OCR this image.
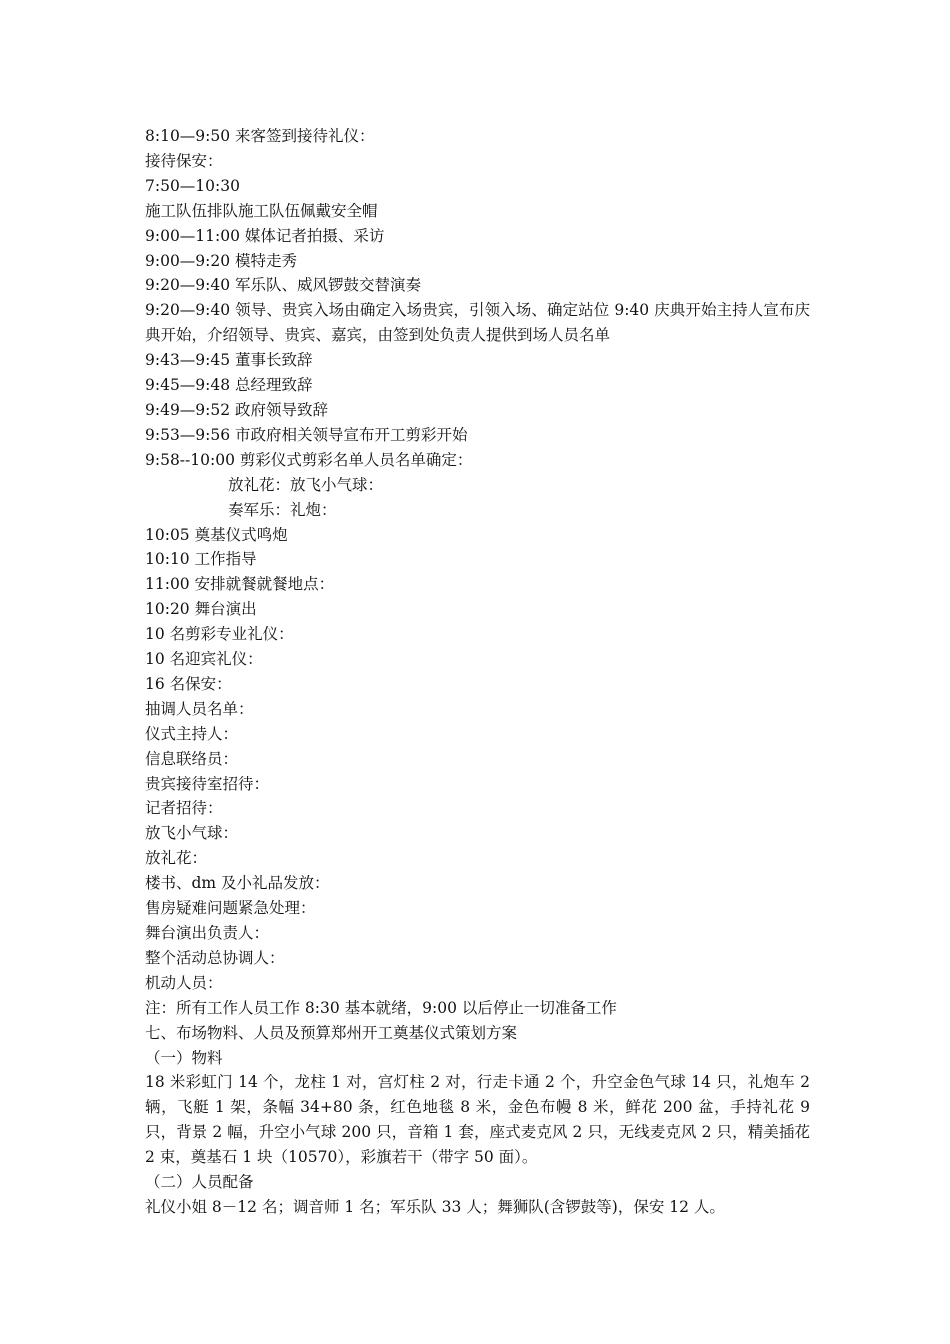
8:10—9:50 来客签到接待礼仪：
接待保安：
7:50—10:30
施工队伍排队施工队伍佩戴安全帽
9:00—11:00 媒体记者拍摄、采访
9:00—9:20 模特走秀
9:20—9:40 军乐队、威风锣鼓交替演奏
9:20—9:40 领导、贵宾入场由确定入场贵宾，引领入场、确定站位 9:40 庆典开始主持人宣布庆典开始，介绍领导、贵宾、嘉宾，由签到处负责人提供到场人员名单
9:43—9:45 董事长致辞
9:45—9:48 总经理致辞
9:49—9:52 政府领导致辞
9:53—9:56 市政府相关领导宣布开工剪彩开始
9:58--10:00 剪彩仪式剪彩名单人员名单确定：
放礼花：放飞小气球：
奏军乐：礼炮：
10:05 奠基仪式鸣炮
10:10 工作指导
11:00 安排就餐就餐地点：
10:20 舞台演出
10 名剪彩专业礼仪：
10 名迎宾礼仪：
16 名保安：
抽调人员名单：
仪式主持人：
信息联络员：
贵宾接待室招待：
记者招待：
放飞小气球：
放礼花：
楼书、dm 及小礼品发放：
售房疑难问题紧急处理：
舞台演出负责人：
整个活动总协调人：
机动人员：
注：所有工作人员工作 8:30 基本就绪，9:00 以后停止一切准备工作
七、布场物料、人员及预算郑州开工奠基仪式策划方案
（一）物料
18 米彩虹门 14 个，龙柱 1 对，宫灯柱 2 对，行走卡通 2 个，升空金色气球 14 只，礼炮车 2 辆，飞艇 1 架，条幅 34+80 条，红色地毯 8 米，金色布幔 8 米，鲜花 200 盆，手持礼花 9 只，背景 2 幅，升空小气球 200 只，音箱 1 套，座式麦克风 2 只，无线麦克风 2 只，精美插花 2 束，奠基石 1 块（10570），彩旗若干（带字 50 面）。
（二）人员配备
礼仪小姐 8－12 名；调音师 1 名；军乐队 33 人；舞狮队(含锣鼓等)，保安 12 人。
